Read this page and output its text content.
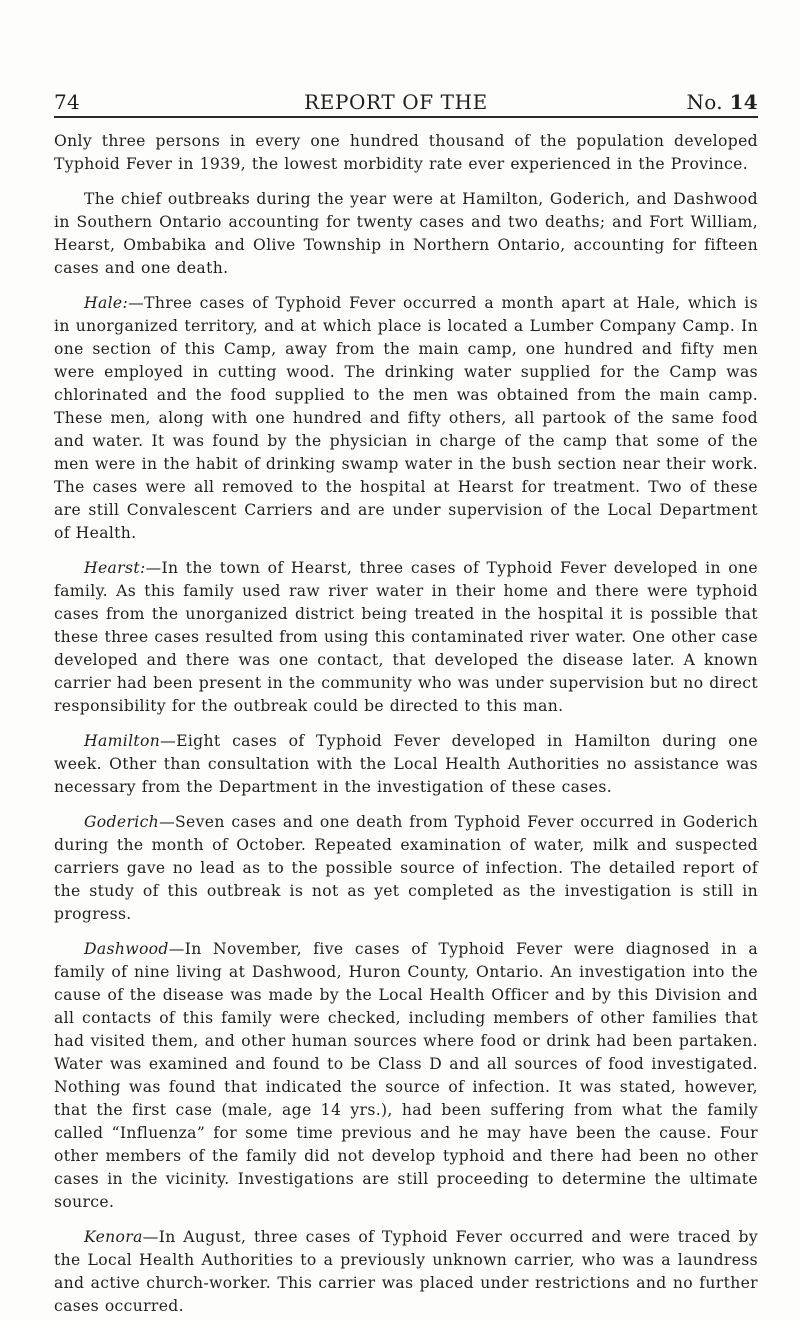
74	REPORT OF THE	No. 14

Only three persons in every one hundred thousand of the population developed Typhoid Fever in 1939, the lowest morbidity rate ever experienced in the Province.

The chief outbreaks during the year were at Hamilton, Goderich, and Dashwood in Southern Ontario accounting for twenty cases and two deaths; and Fort William, Hearst, Ombabika and Olive Township in Northern Ontario, accounting for fifteen cases and one death.

Hale:—Three cases of Typhoid Fever occurred a month apart at Hale, which is in unorganized territory, and at which place is located a Lumber Company Camp. In one section of this Camp, away from the main camp, one hundred and fifty men were employed in cutting wood. The drinking water supplied for the Camp was chlorinated and the food supplied to the men was obtained from the main camp. These men, along with one hundred and fifty others, all partook of the same food and water. It was found by the physician in charge of the camp that some of the men were in the habit of drinking swamp water in the bush section near their work. The cases were all removed to the hospital at Hearst for treatment. Two of these are still Convalescent Carriers and are under supervision of the Local Department of Health.

Hearst:—In the town of Hearst, three cases of Typhoid Fever developed in one family. As this family used raw river water in their home and there were typhoid cases from the unorganized district being treated in the hospital it is possible that these three cases resulted from using this contaminated river water. One other case developed and there was one contact, that developed the disease later. A known carrier had been present in the community who was under supervision but no direct responsibility for the outbreak could be directed to this man.

Hamilton—Eight cases of Typhoid Fever developed in Hamilton during one week. Other than consultation with the Local Health Authorities no assistance was necessary from the Department in the investigation of these cases.

Goderich—Seven cases and one death from Typhoid Fever occurred in Goderich during the month of October. Repeated examination of water, milk and suspected carriers gave no lead as to the possible source of infection. The detailed report of the study of this outbreak is not as yet completed as the investigation is still in progress.

Dashwood—In November, five cases of Typhoid Fever were diagnosed in a family of nine living at Dashwood, Huron County, Ontario. An investigation into the cause of the disease was made by the Local Health Officer and by this Division and all contacts of this family were checked, including members of other families that had visited them, and other human sources where food or drink had been partaken. Water was examined and found to be Class D and all sources of food investigated. Nothing was found that indicated the source of infection. It was stated, however, that the first case (male, age 14 yrs.), had been suffering from what the family called “Influenza” for some time previous and he may have been the cause. Four other members of the family did not develop typhoid and there had been no other cases in the vicinity. Investigations are still proceeding to determine the ultimate source.

Kenora—In August, three cases of Typhoid Fever occurred and were traced by the Local Health Authorities to a previously unknown carrier, who was a laundress and active church-worker. This carrier was placed under restrictions and no further cases occurred.
